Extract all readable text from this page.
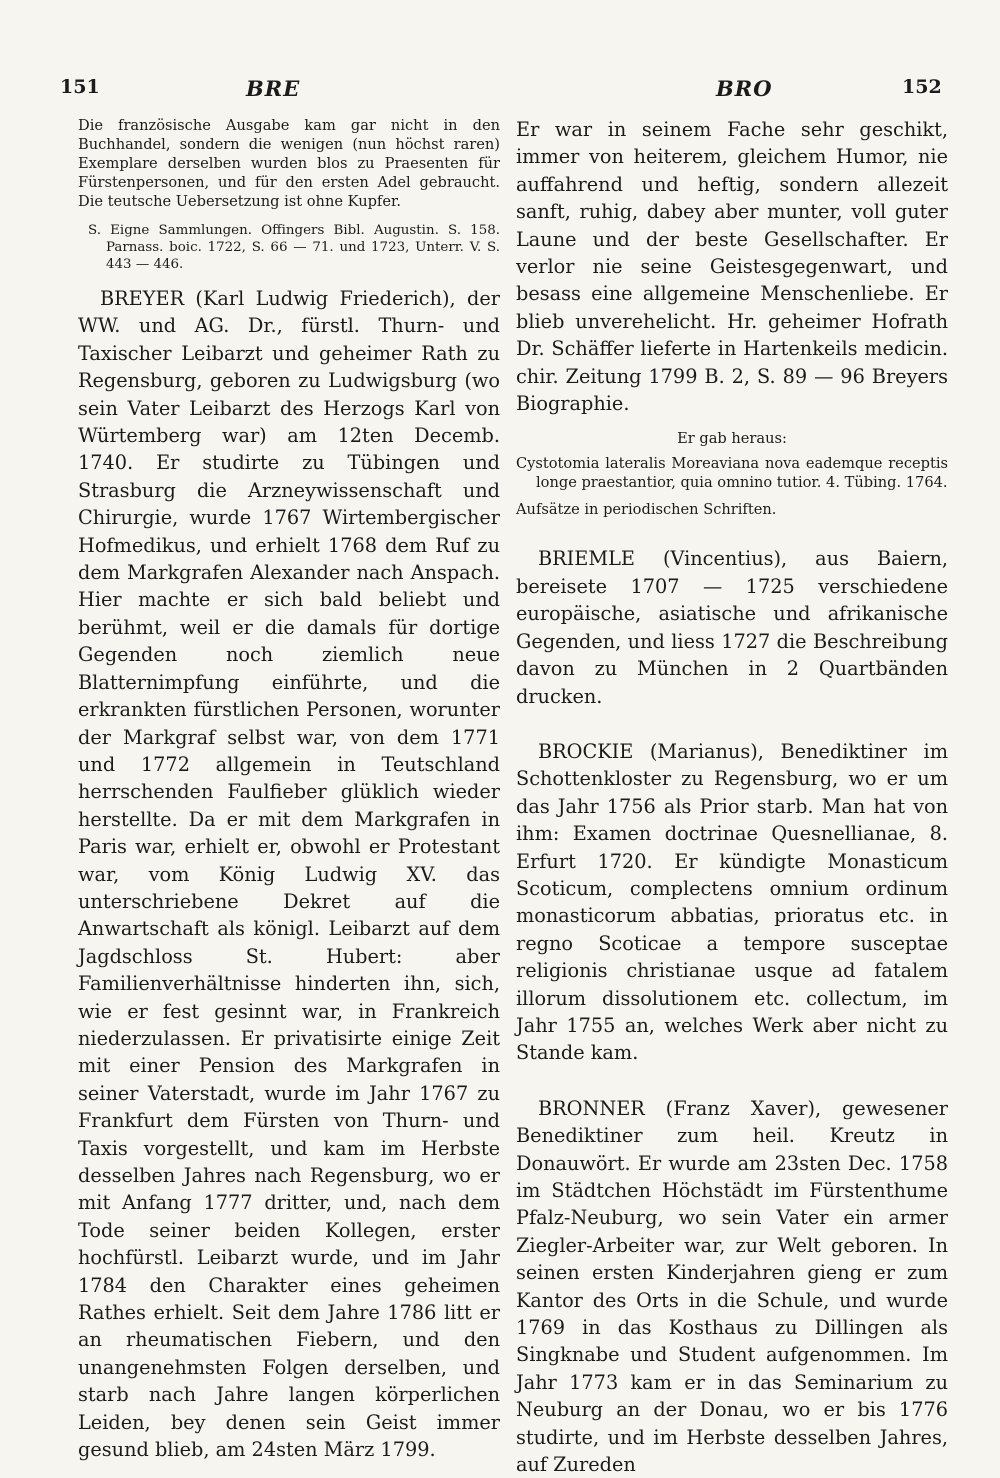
151	BRE	BRO	152

Die französische Ausgabe kam gar nicht in den Buchhandel, sondern die wenigen (nun höchst raren) Exemplare derselben wurden blos zu Praesenten für Fürstenpersonen, und für den ersten Adel gebraucht. Die teutsche Uebersetzung ist ohne Kupfer.

S. Eigne Sammlungen. Offingers Bibl. Augustin. S. 158. Parnass. boic. 1722, S. 66 — 71. und 1723, Unterr. V. S. 443 — 446.

BREYER (Karl Ludwig Friederich), der WW. und AG. Dr., fürstl. Thurn- und Taxischer Leibarzt und geheimer Rath zu Regensburg, geboren zu Ludwigsburg (wo sein Vater Leibarzt des Herzogs Karl von Würtemberg war) am 12ten Decemb. 1740. Er studirte zu Tübingen und Strasburg die Arzneywissenschaft und Chirurgie, wurde 1767 Wirtembergischer Hofmedikus, und erhielt 1768 dem Ruf zu dem Markgrafen Alexander nach Anspach. Hier machte er sich bald beliebt und berühmt, weil er die damals für dortige Gegenden noch ziemlich neue Blatternimpfung einführte, und die erkrankten fürstlichen Personen, worunter der Markgraf selbst war, von dem 1771 und 1772 allgemein in Teutschland herrschenden Faulfieber glüklich wieder herstellte. Da er mit dem Markgrafen in Paris war, erhielt er, obwohl er Protestant war, vom König Ludwig XV. das unterschriebene Dekret auf die Anwartschaft als königl. Leibarzt auf dem Jagdschloss St. Hubert: aber Familienverhältnisse hinderten ihn, sich, wie er fest gesinnt war, in Frankreich niederzulassen. Er privatisirte einige Zeit mit einer Pension des Markgrafen in seiner Vaterstadt, wurde im Jahr 1767 zu Frankfurt dem Fürsten von Thurn- und Taxis vorgestellt, und kam im Herbste desselben Jahres nach Regensburg, wo er mit Anfang 1777 dritter, und, nach dem Tode seiner beiden Kollegen, erster hochfürstl. Leibarzt wurde, und im Jahr 1784 den Charakter eines geheimen Rathes erhielt. Seit dem Jahre 1786 litt er an rheumatischen Fiebern, und den unangenehmsten Folgen derselben, und starb nach Jahre langen körperlichen Leiden, bey denen sein Geist immer gesund blieb, am 24sten März 1799.

Er war in seinem Fache sehr geschikt, immer von heiterem, gleichem Humor, nie auffahrend und heftig, sondern allezeit sanft, ruhig, dabey aber munter, voll guter Laune und der beste Gesellschafter. Er verlor nie seine Geistesgegenwart, und besass eine allgemeine Menschenliebe. Er blieb unverehelicht. Hr. geheimer Hofrath Dr. Schäffer lieferte in Hartenkeils medicin. chir. Zeitung 1799 B. 2, S. 89 — 96 Breyers Biographie.

Er gab heraus:

Cystotomia lateralis Moreaviana nova eademque receptis longe praestantior, quia omnino tutior. 4. Tübing. 1764.

Aufsätze in periodischen Schriften.

BRIEMLE (Vincentius), aus Baiern, bereisete 1707 — 1725 verschiedene europäische, asiatische und afrikanische Gegenden, und liess 1727 die Beschreibung davon zu München in 2 Quartbänden drucken.

BROCKIE (Marianus), Benediktiner im Schottenkloster zu Regensburg, wo er um das Jahr 1756 als Prior starb. Man hat von ihm: Examen doctrinae Quesnellianae, 8. Erfurt 1720. Er kündigte Monasticum Scoticum, complectens omnium ordinum monasticorum abbatias, prioratus etc. in regno Scoticae a tempore susceptae religionis christianae usque ad fatalem illorum dissolutionem etc. collectum, im Jahr 1755 an, welches Werk aber nicht zu Stande kam.

BRONNER (Franz Xaver), gewesener Benediktiner zum heil. Kreutz in Donauwört. Er wurde am 23sten Dec. 1758 im Städtchen Höchstädt im Fürstenthume Pfalz-Neuburg, wo sein Vater ein armer Ziegler-Arbeiter war, zur Welt geboren. In seinen ersten Kinderjahren gieng er zum Kantor des Orts in die Schule, und wurde 1769 in das Kosthaus zu Dillingen als Singknabe und Student aufgenommen. Im Jahr 1773 kam er in das Seminarium zu Neuburg an der Donau, wo er bis 1776 studirte, und im Herbste desselben Jahres, auf Zureden
